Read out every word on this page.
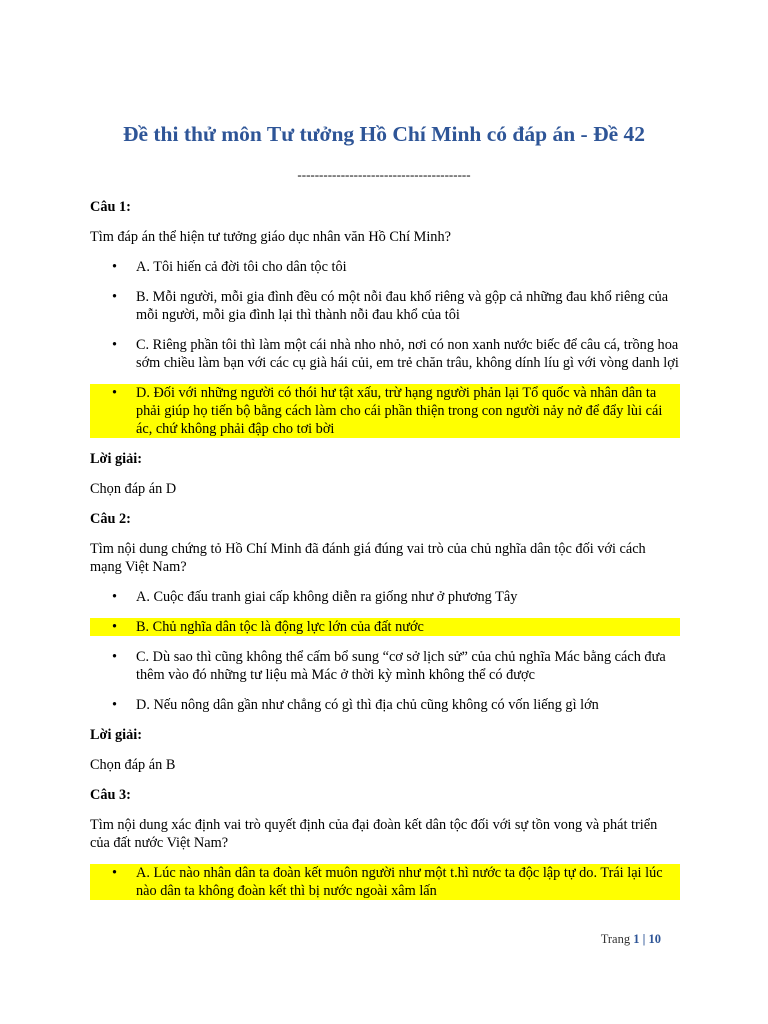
Đề thi thử môn Tư tưởng Hồ Chí Minh có đáp án - Đề 42
----------------------------------------
Câu 1:
Tìm đáp án thể hiện tư tưởng giáo dục nhân văn Hồ Chí Minh?
• A. Tôi hiến cả đời tôi cho dân tộc tôi
• B. Mỗi người, mỗi gia đình đều có một nỗi đau khổ riêng và gộp cả những đau khổ riêng của mỗi người, mỗi gia đình lại thì thành nỗi đau khổ của tôi
• C. Riêng phần tôi thì làm một cái nhà nho nhỏ, nơi có non xanh nước biếc để câu cá, trồng hoa sớm chiều làm bạn với các cụ già hái củi, em trẻ chăn trâu, không dính líu gì với vòng danh lợi
• D. Đối với những người có thói hư tật xấu, trừ hạng người phản lại Tổ quốc và nhân dân ta phải giúp họ tiến bộ bằng cách làm cho cái phần thiện trong con người nảy nở để đẩy lùi cái ác, chứ không phải đập cho tơi bời
Lời giải:
Chọn đáp án D
Câu 2:
Tìm nội dung chứng tỏ Hồ Chí Minh đã đánh giá đúng vai trò của chủ nghĩa dân tộc đối với cách mạng Việt Nam?
• A. Cuộc đấu tranh giai cấp không diễn ra giống như ở phương Tây
• B. Chủ nghĩa dân tộc là động lực lớn của đất nước
• C. Dù sao thì cũng không thể cấm bổ sung “cơ sở lịch sử” của chủ nghĩa Mác bằng cách đưa thêm vào đó những tư liệu mà Mác ở thời kỳ mình không thể có được
• D. Nếu nông dân gần như chẳng có gì thì địa chủ cũng không có vốn liếng gì lớn
Lời giải:
Chọn đáp án B
Câu 3:
Tìm nội dung xác định vai trò quyết định của đại đoàn kết dân tộc đối với sự tồn vong và phát triển của đất nước Việt Nam?
• A. Lúc nào nhân dân ta đoàn kết muôn người như một t.hì nước ta độc lập tự do. Trái lại lúc nào dân ta không đoàn kết thì bị nước ngoài xâm lấn
Trang 1 | 10
